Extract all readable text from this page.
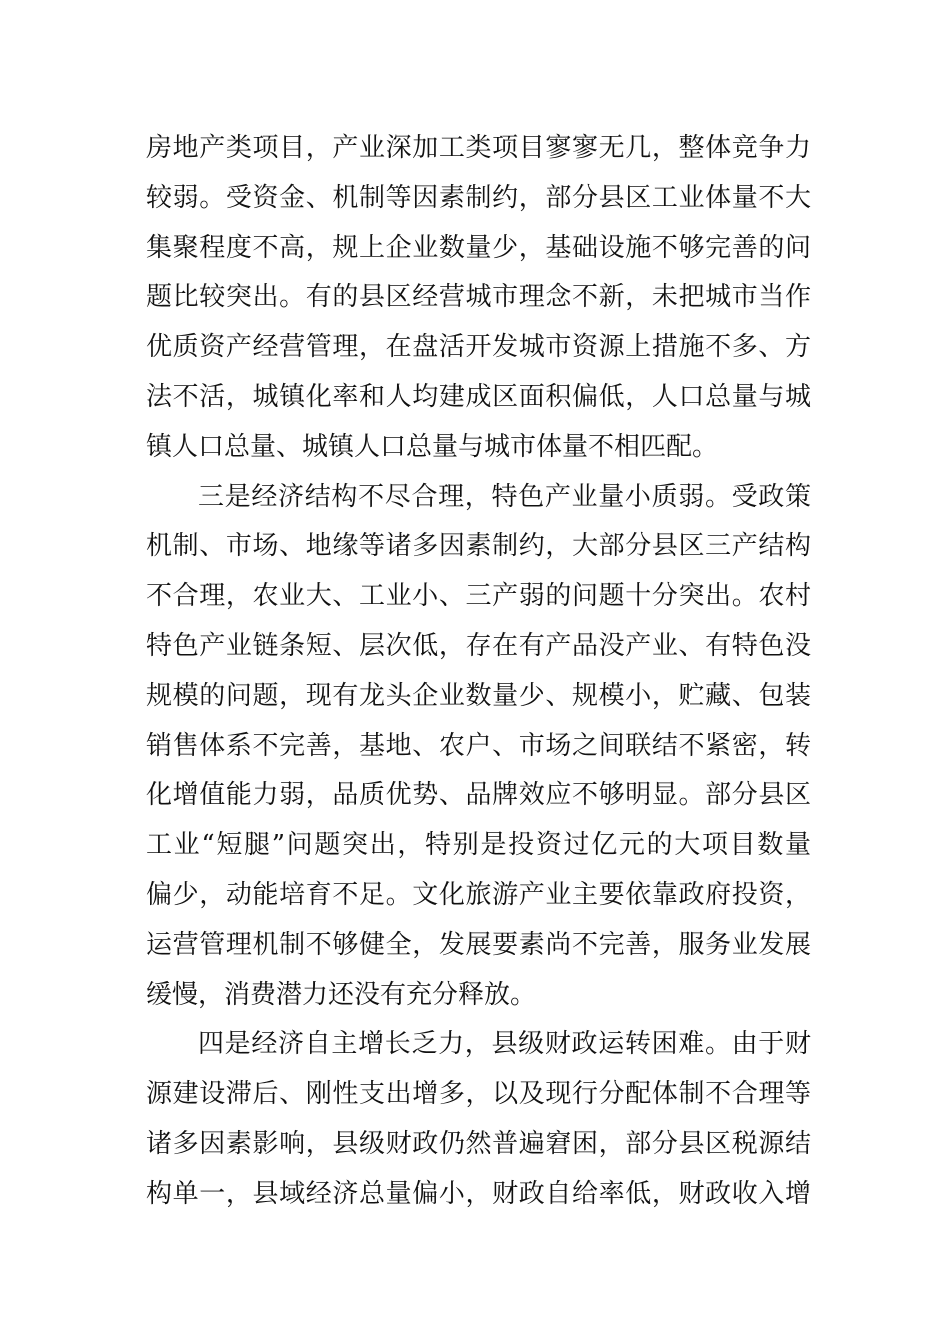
房地产类项目，产业深加工类项目寥寥无几，整体竞争力
较弱。受资金、机制等因素制约，部分县区工业体量不大
集聚程度不高，规上企业数量少，基础设施不够完善的问
题比较突出。有的县区经营城市理念不新，未把城市当作
优质资产经营管理，在盘活开发城市资源上措施不多、方
法不活，城镇化率和人均建成区面积偏低，人口总量与城
镇人口总量、城镇人口总量与城市体量不相匹配。
三是经济结构不尽合理，特色产业量小质弱。受政策
机制、市场、地缘等诸多因素制约，大部分县区三产结构
不合理，农业大、工业小、三产弱的问题十分突出。农村
特色产业链条短、层次低，存在有产品没产业、有特色没
规模的问题，现有龙头企业数量少、规模小，贮藏、包装
销售体系不完善，基地、农户、市场之间联结不紧密，转
化增值能力弱，品质优势、品牌效应不够明显。部分县区
工业“短腿”问题突出，特别是投资过亿元的大项目数量
偏少，动能培育不足。文化旅游产业主要依靠政府投资，
运营管理机制不够健全，发展要素尚不完善，服务业发展
缓慢，消费潜力还没有充分释放。
四是经济自主增长乏力，县级财政运转困难。由于财
源建设滞后、刚性支出增多，以及现行分配体制不合理等
诸多因素影响，县级财政仍然普遍窘困，部分县区税源结
构单一，县域经济总量偏小，财政自给率低，财政收入增
